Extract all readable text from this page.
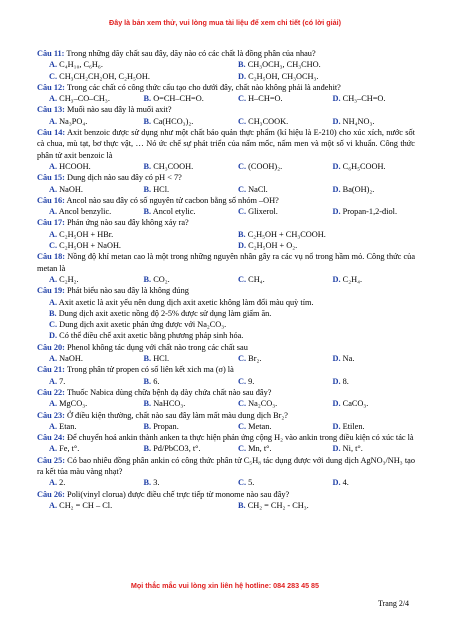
Đây là bản xem thử, vui lòng mua tài liệu để xem chi tiết (có lời giải)
Câu 11: Trong những dãy chất sau đây, dãy nào có các chất là đồng phân của nhau?
A. C₄H₁₀, C₆H₆.	B. CH₃OCH₃, CH₃CHO.
C. CH₃CH₂CH₂OH, C₂H₅OH.	D. C₂H₅OH, CH₃OCH₃.
Câu 12: Trong các chất có công thức cấu tạo cho dưới đây, chất nào không phải là anđehit?
A. CH₃–CO–CH₃.	B. O=CH–CH=O.	C. H–CH=O.	D. CH₃–CH=O.
Câu 13: Muối nào sau đây là muối axit?
A. Na₃PO₄.	B. Ca(HCO₃)₂.	C. CH₃COOK.	D. NH₄NO₃.
Câu 14: Axit benzoic được sử dụng như một chất bảo quản thực phẩm (kí hiệu là E-210) cho xúc xích, nước sốt cà chua, mù tạt, bơ thực vật, … Nó ức chế sự phát triển của nấm mốc, nấm men và một số vi khuẩn. Công thức phân tử axit benzoic là
A. HCOOH.	B. CH₃COOH.	C. (COOH)₂.	D. C₆H₅COOH.
Câu 15: Dung dịch nào sau đây có pH < 7?
A. NaOH.	B. HCl.	C. NaCl.	D. Ba(OH)₂.
Câu 16: Ancol nào sau đây có số nguyên tử cacbon bằng số nhóm –OH?
A. Ancol benzylic.	B. Ancol etylic.	C. Glixerol.	D. Propan-1,2-điol.
Câu 17: Phản ứng nào sau đây không xảy ra?
A. C₂H₅OH + HBr.	B. C₂H₅OH + CH₃COOH.
C. C₂H₅OH + NaOH.	D. C₂H₅OH + O₂.
Câu 18: Nồng độ khí metan cao là một trong những nguyên nhân gây ra các vụ nổ trong hầm mỏ. Công thức của metan là
A. C₂H₂.	B. CO₂.	C. CH₄.	D. C₂H₄.
Câu 19: Phát biểu nào sau đây là không đúng
A. Axit axetic là axit yếu nên dung dịch axit axetic không làm đổi màu quỳ tím.
B. Dung dịch axit axetic nồng độ 2-5% được sử dụng làm giấm ăn.
C. Dung dịch axit axetic phản ứng được với Na₂CO₃.
D. Có thể điều chế axit axetic bằng phương pháp sinh hóa.
Câu 20: Phenol không tác dụng với chất nào trong các chất sau
A. NaOH.	B. HCl.	C. Br₂.	D. Na.
Câu 21: Trong phân tử propen có số liên kết xich ma (σ) là
A. 7.	B. 6.	C. 9.	D. 8.
Câu 22: Thuốc Nabica dùng chữa bệnh dạ dày chứa chất nào sau đây?
A. MgCO₃.	B. NaHCO₃.	C. Na₂CO₃.	D. CaCO₃.
Câu 23: Ở điều kiện thường, chất nào sau đây làm mất màu dung dịch Br₂?
A. Etan.	B. Propan.	C. Metan.	D. Etilen.
Câu 24: Để chuyển hoá ankin thành anken ta thực hiện phản ứng cộng H₂ vào ankin trong điều kiện có xúc tác là
A. Fe, t°.	B. Pd/PbCO3, t°.	C. Mn, t°.	D. Ni, t°.
Câu 25: Có bao nhiêu đồng phân ankin có công thức phân tử C₅H₈ tác dụng được với dung dịch AgNO₃/NH₃ tạo ra kết tủa màu vàng nhạt?
A. 2.	B. 3.	C. 5.	D. 4.
Câu 26: Poli(vinyl clorua) được điều chế trực tiếp từ monome nào sau đây?
A. CH₂ = CH – Cl.	B. CH₂ = CH₂ - CH₃.
Mọi thắc mắc vui lòng xin liên hệ hotline: 084 283 45 85
Trang 2/4
